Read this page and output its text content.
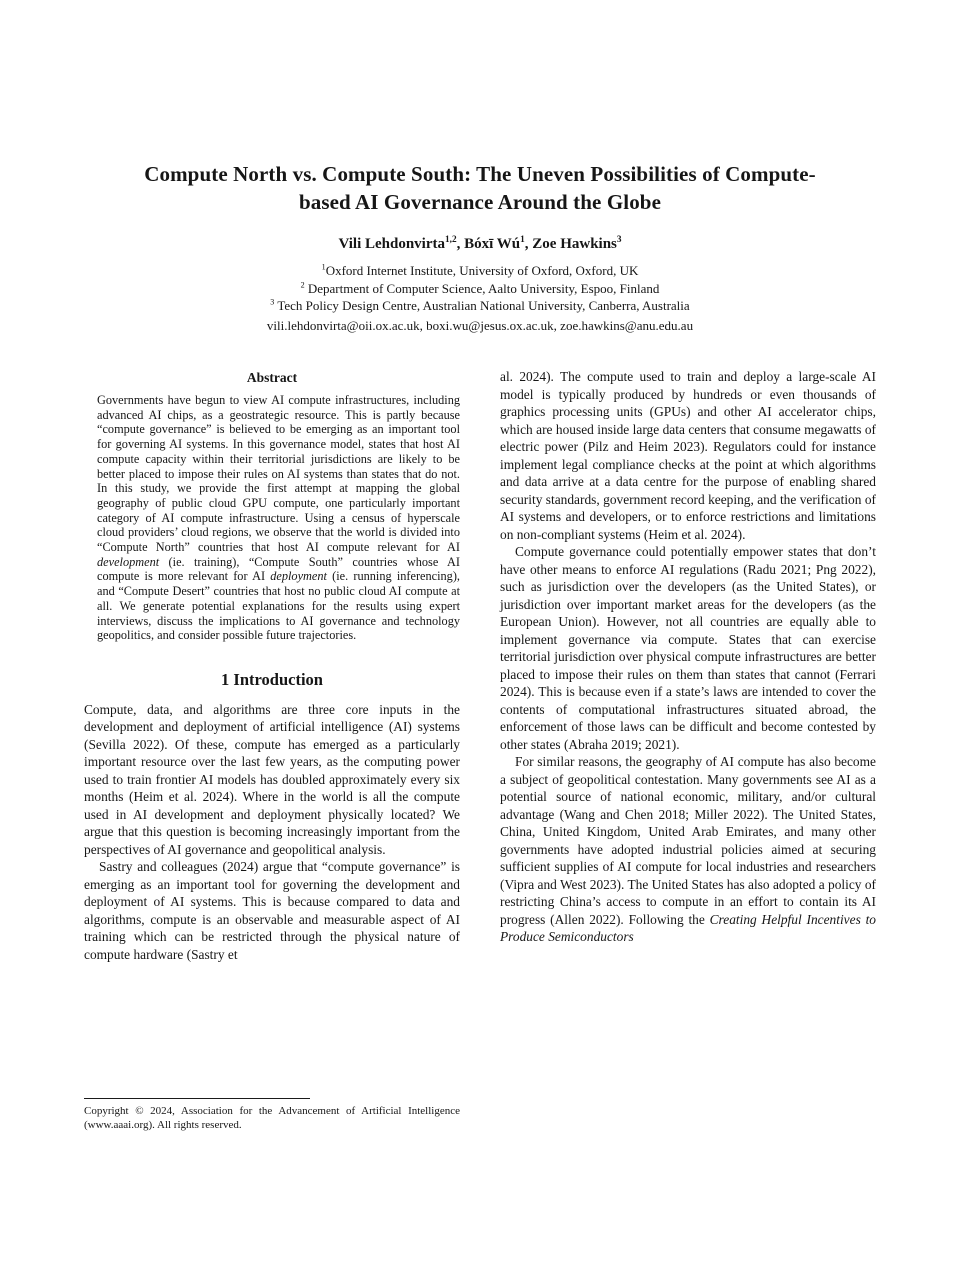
Compute North vs. Compute South: The Uneven Possibilities of Compute-
based AI Governance Around the Globe
Vili Lehdonvirta$^{1,2}$, Bóxī $Wú^1$, Zoe Hawkins$^3$
$^1$Oxford Internet Institute, University of Oxford, Oxford, UK
$^2$ Department of Computer Science, Aalto University, Espoo, Finland
$^3$ Tech Policy Design Centre, Australian National University, Canberra, Australia
vili.lehdonvirta@oii.ox.ac.uk, boxi.wu@jesus.ox.ac.uk, zoe.hawkins@anu.edu.au
Abstract

Governments have begun to view AI compute infrastructures, including advanced AI chips, as a geostrategic resource. This is partly because “compute governance” is believed to be emerging as an important tool for governing AI systems. In this governance model, states that host AI compute capacity within their territorial jurisdictions are likely to be better placed to impose their rules on AI systems than states that do not. In this study, we provide the first attempt at mapping the global geography of public cloud GPU compute, one particularly important category of AI compute infrastructure. Using a census of hyperscale cloud providers’ cloud regions, we observe that the world is divided into “Compute North” countries that host AI compute relevant for AI development (ie. training), “Compute South” countries whose AI compute is more relevant for AI deployment (ie. running inferencing), and “Compute Desert” countries that host no public cloud AI compute at all. We generate potential explanations for the results using expert interviews, discuss the implications to AI governance and technology geopolitics, and consider possible future trajectories.

1 Introduction

Compute, data, and algorithms are three core inputs in the development and deployment of artificial intelligence (AI) systems (Sevilla 2022). Of these, compute has emerged as a particularly important resource over the last few years, as the computing power used to train frontier AI models has doubled approximately every six months (Heim et al. 2024). Where in the world is all the compute used in AI development and deployment physically located? We argue that this question is becoming increasingly important from the perspectives of AI governance and geopolitical analysis.

Sastry and colleagues (2024) argue that “compute governance” is emerging as an important tool for governing the development and deployment of AI systems. This is because compared to data and algorithms, compute is an observable and measurable aspect of AI training which can be restricted through the physical nature of compute hardware (Sastry et

Copyright © 2024, Association for the Advancement of Artificial Intelligence (www.aaai.org). All rights reserved.

al. 2024). The compute used to train and deploy a large-scale AI model is typically produced by hundreds or even thousands of graphics processing units (GPUs) and other AI accelerator chips, which are housed inside large data centers that consume megawatts of electric power (Pilz and Heim 2023). Regulators could for instance implement legal compliance checks at the point at which algorithms and data arrive at a data centre for the purpose of enabling shared security standards, government record keeping, and the verification of AI systems and developers, or to enforce restrictions and limitations on non-compliant systems (Heim et al. 2024).

Compute governance could potentially empower states that don’t have other means to enforce AI regulations (Radu 2021; Png 2022), such as jurisdiction over the developers (as the United States), or jurisdiction over important market areas for the developers (as the European Union). However, not all countries are equally able to implement governance via compute. States that can exercise territorial jurisdiction over physical compute infrastructures are better placed to impose their rules on them than states that cannot (Ferrari 2024). This is because even if a state’s laws are intended to cover the contents of computational infrastructures situated abroad, the enforcement of those laws can be difficult and become contested by other states (Abraha 2019; 2021).

For similar reasons, the geography of AI compute has also become a subject of geopolitical contestation. Many governments see AI as a potential source of national economic, military, and/or cultural advantage (Wang and Chen 2018; Miller 2022). The United States, China, United Kingdom, United Arab Emirates, and many other governments have adopted industrial policies aimed at securing sufficient supplies of AI compute for local industries and researchers (Vipra and West 2023). The United States has also adopted a policy of restricting China’s access to compute in an effort to contain its AI progress (Allen 2022). Following the Creating Helpful Incentives to Produce Semiconductors
